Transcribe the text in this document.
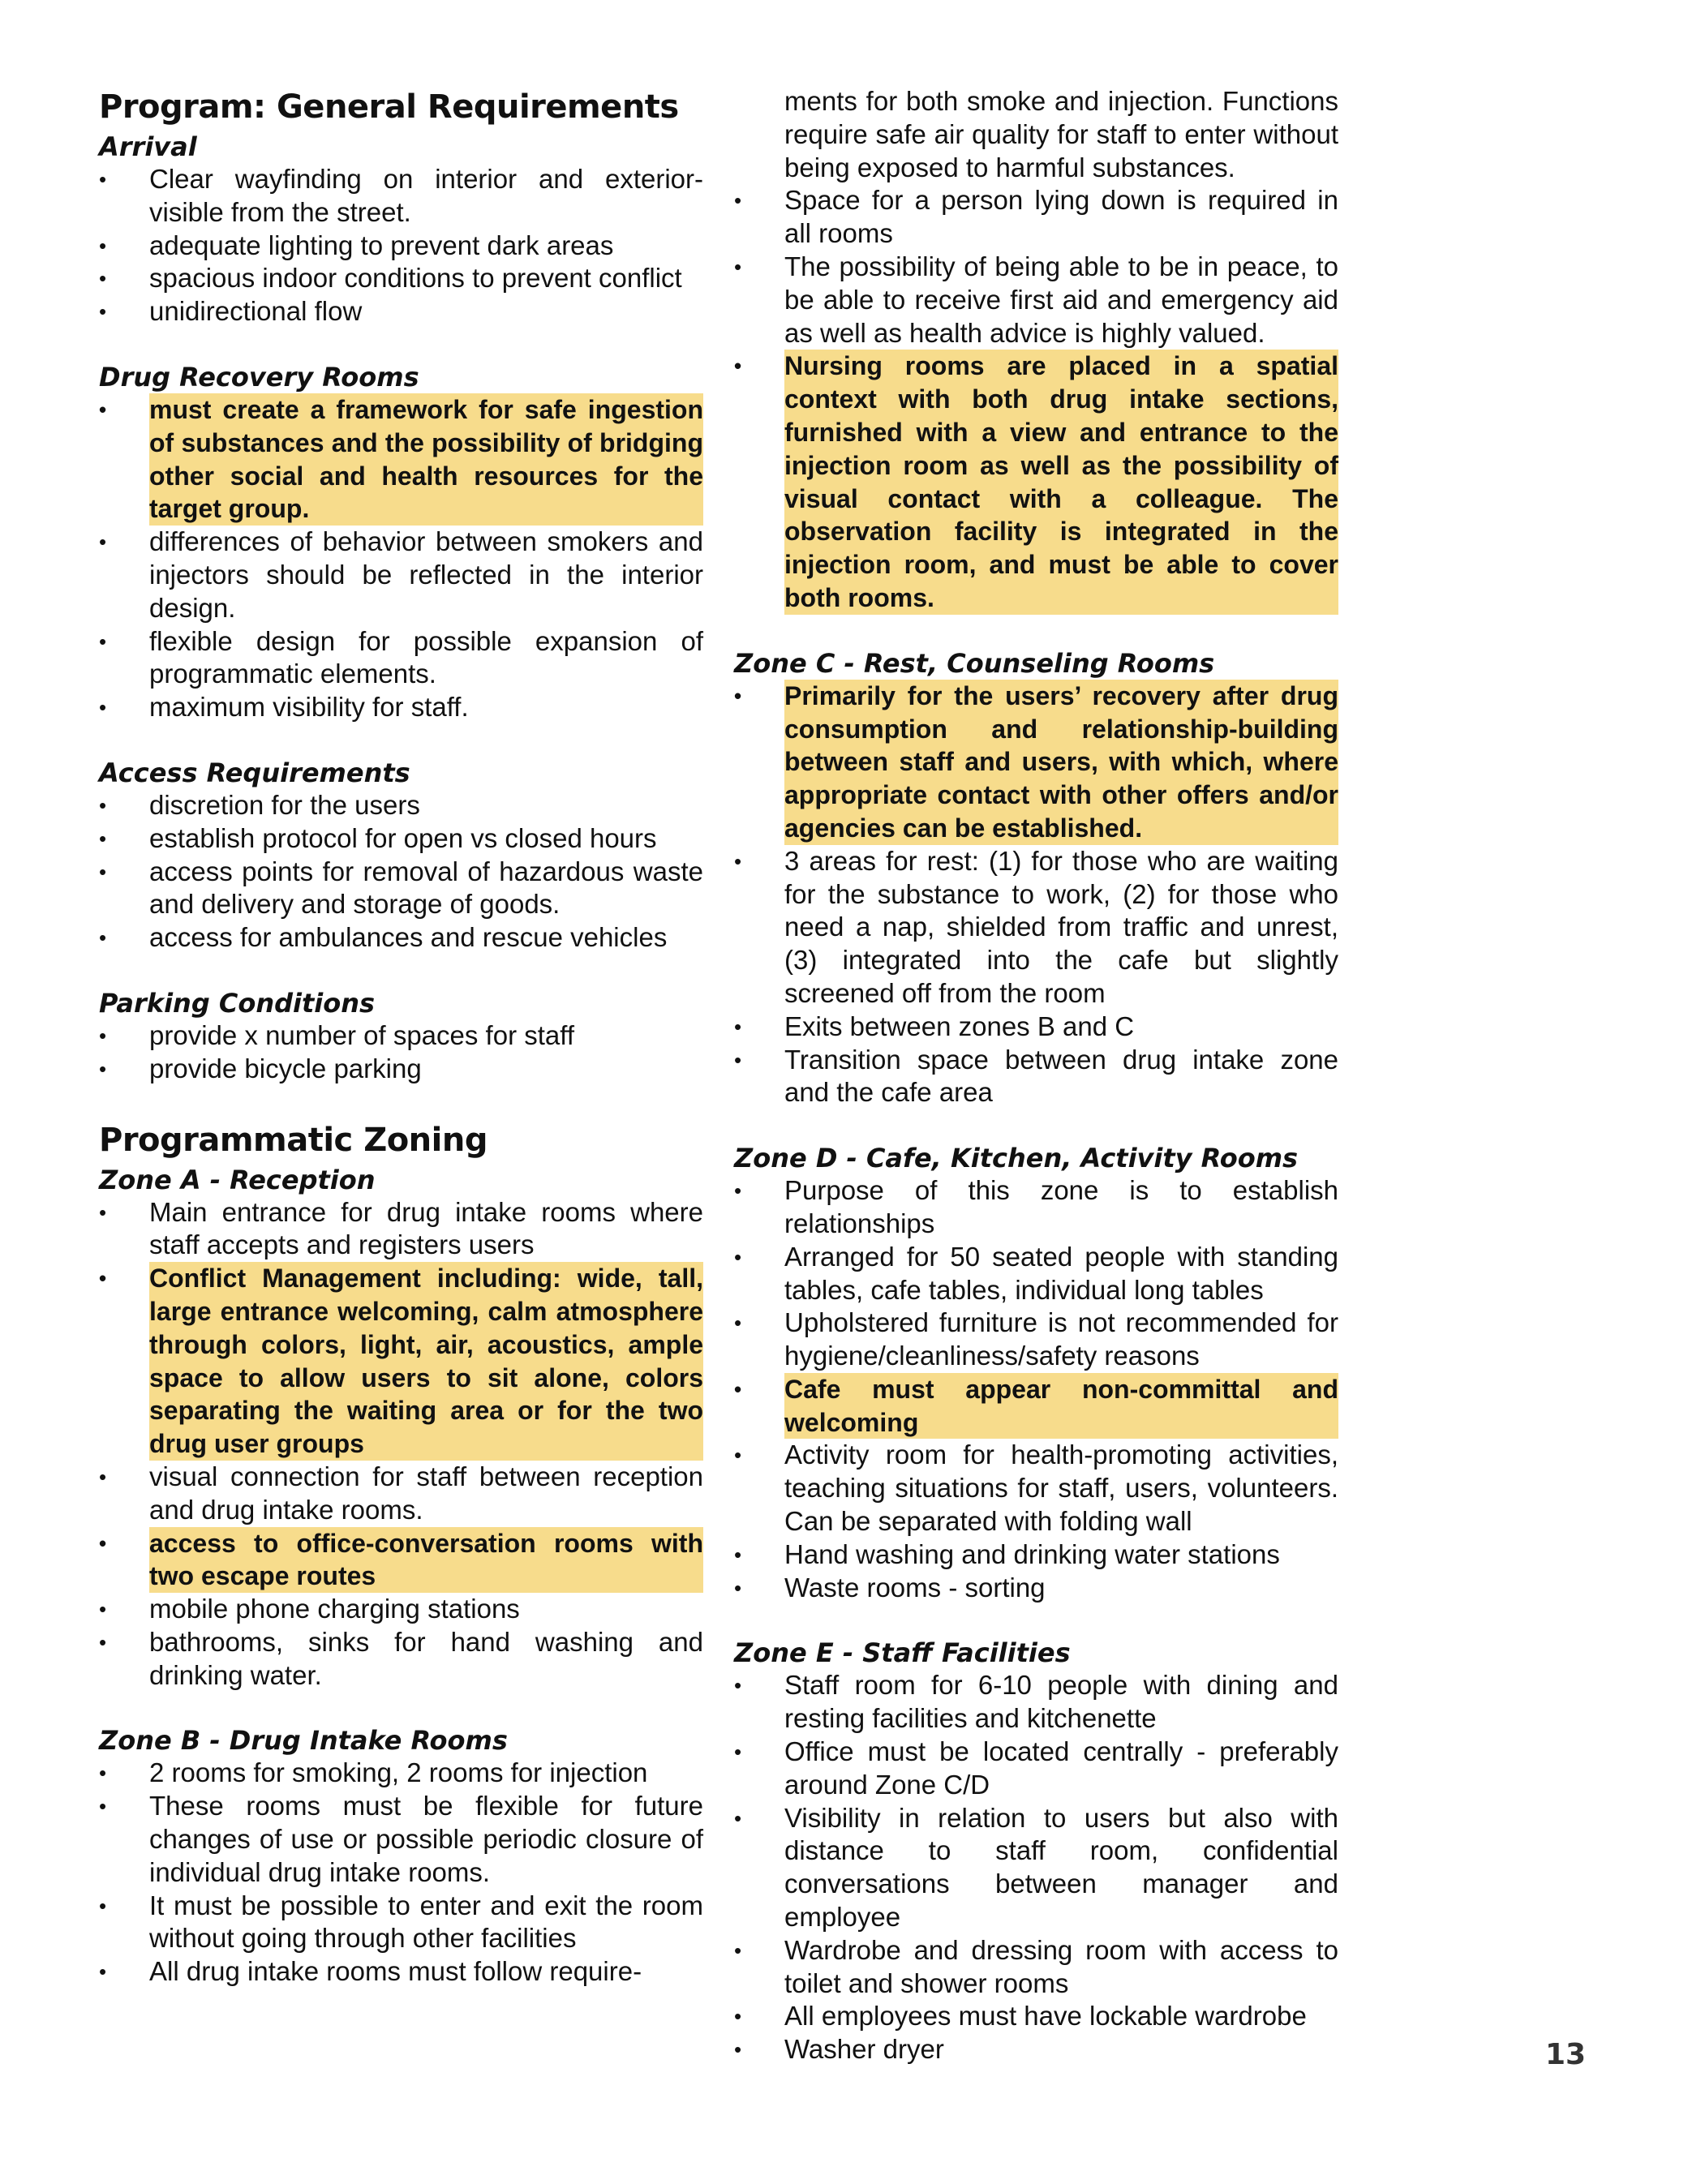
Program: General Requirements
Arrival
• Clear wayfinding on interior and exterior-visible from the street.
• adequate lighting to prevent dark areas
• spacious indoor conditions to prevent conflict
• unidirectional flow
Drug Recovery Rooms
• must create a framework for safe ingestion of substances and the possibility of bridging other social and health resources for the target group.
• differences of behavior between smokers and injectors should be reflected in the interior design.
• flexible design for possible expansion of programmatic elements.
• maximum visibility for staff.
Access Requirements
• discretion for the users
• establish protocol for open vs closed hours
• access points for removal of hazardous waste and delivery and storage of goods.
• access for ambulances and rescue vehicles
Parking Conditions
• provide x number of spaces for staff
• provide bicycle parking
Programmatic Zoning
Zone A - Reception
• Main entrance for drug intake rooms where staff accepts and registers users
• Conflict Management including: wide, tall, large entrance welcoming, calm atmosphere through colors, light, air, acoustics, ample space to allow users to sit alone, colors separating the waiting area or for the two drug user groups
• visual connection for staff between reception and drug intake rooms.
• access to office-conversation rooms with two escape routes
• mobile phone charging stations
• bathrooms, sinks for hand washing and drinking water.
Zone B - Drug Intake Rooms
• 2 rooms for smoking, 2 rooms for injection
• These rooms must be flexible for future changes of use or possible periodic closure of individual drug intake rooms.
• It must be possible to enter and exit the room without going through other facilities
• All drug intake rooms must follow require-
ments for both smoke and injection. Functions require safe air quality for staff to enter without being exposed to harmful substances.
• Space for a person lying down is required in all rooms
• The possibility of being able to be in peace, to be able to receive first aid and emergency aid as well as health advice is highly valued.
• Nursing rooms are placed in a spatial context with both drug intake sections, furnished with a view and entrance to the injection room as well as the possibility of visual contact with a colleague. The observation facility is integrated in the injection room, and must be able to cover both rooms.
Zone C - Rest, Counseling Rooms
• Primarily for the users’ recovery after drug consumption and relationship-building between staff and users, with which, where appropriate contact with other offers and/or agencies can be established.
• 3 areas for rest: (1) for those who are waiting for the substance to work, (2) for those who need a nap, shielded from traffic and unrest, (3) integrated into the cafe but slightly screened off from the room
• Exits between zones B and C
• Transition space between drug intake zone and the cafe area
Zone D - Cafe, Kitchen, Activity Rooms
• Purpose of this zone is to establish relationships
• Arranged for 50 seated people with standing tables, cafe tables, individual long tables
• Upholstered furniture is not recommended for hygiene/cleanliness/safety reasons
• Cafe must appear non-committal and welcoming
• Activity room for health-promoting activities, teaching situations for staff, users, volunteers. Can be separated with folding wall
• Hand washing and drinking water stations
• Waste rooms - sorting
Zone E - Staff Facilities
• Staff room for 6-10 people with dining and resting facilities and kitchenette
• Office must be located centrally - preferably around Zone C/D
• Visibility in relation to users but also with distance to staff room, confidential conversations between manager and employee
• Wardrobe and dressing room with access to toilet and shower rooms
• All employees must have lockable wardrobe
• Washer dryer	13
